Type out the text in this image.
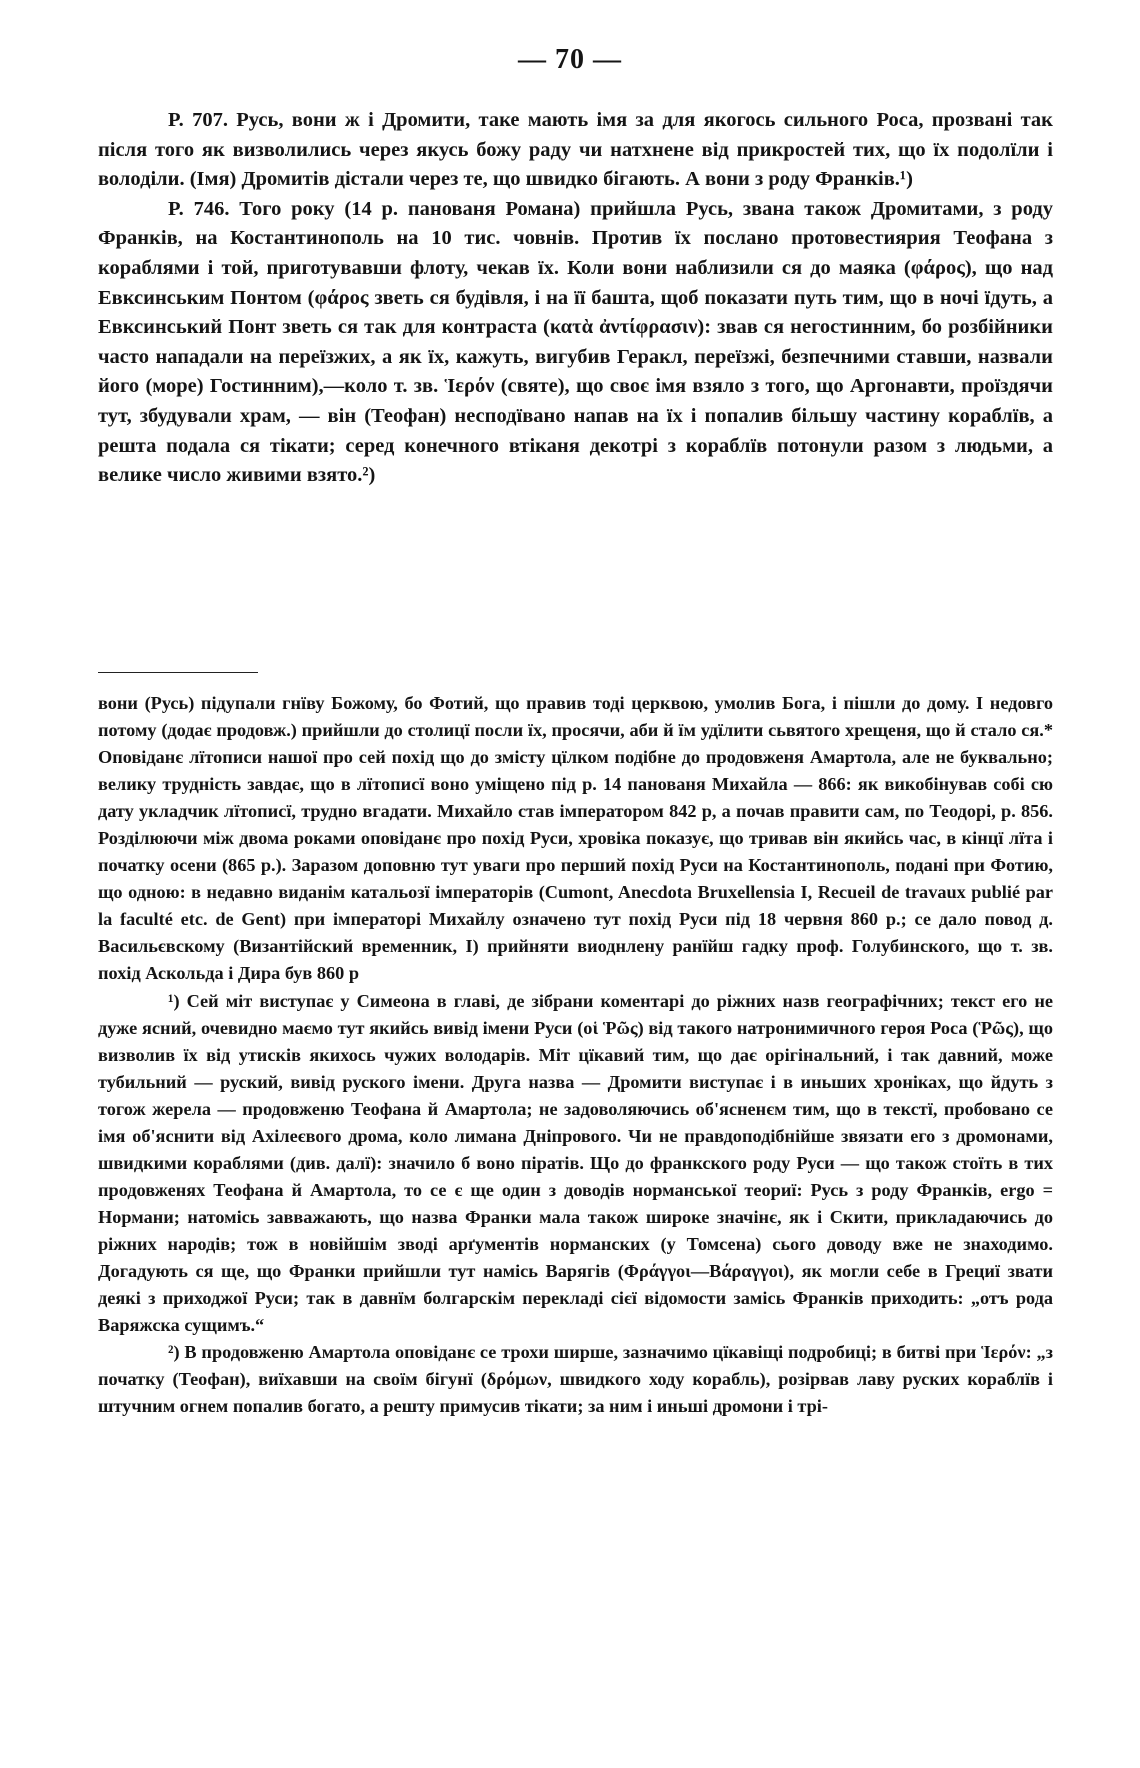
— 70 —

P. 707. Русь, вони ж і Дромити, таке мають імя за для якогось сильного Роса, прозвані так після того як визволились через якусь божу раду чи натхнене від прикростей тих, що їх подолїли і володіли. (Імя) Дромитів дістали через те, що швидко бігають. А вони з роду Франків.¹)

P. 746. Того року (14 р. панованя Романа) прийшла Русь, звана також Дромитами, з роду Франків, на Костантинополь на 10 тис. човнів. Против їх послано протовестиярия Теофана з кораблями і той, приготувавши флоту, чекав їх. Коли вони наблизили ся до маяка (φάρος), що над Евксинським Понтом (φάρος зветь ся будівля, і на її башта, щоб показати путь тим, що в ночі їдуть, а Евксинський Понт зветь ся так для контраста (κατὰ ἀντίφρασιν): звав ся негостинним, бо розбійники часто нападали на переїзжих, а як їх, кажуть, вигубив Геракл, переїзжі, безпечними ставши, назвали його (море) Гостинним),—коло т. зв. Ἱερόν (святе), що своє імя взяло з того, що Аргонавти, проїздячи тут, збудували храм, — він (Теофан) несподївано напав на їх і попалив більшу частину кораблїв, а решта подала ся тікати; серед конечного втіканя декотрі з кораблїв потонули разом з людьми, а велике число живими взято.²)

вони (Русь) підупали гнїву Божому, бо Фотий, що правив тоді церквою, умолив Бога, і пішли до дому. І недовго потому (додає продовж.) прийшли до столицї посли їх, просячи, аби й їм удїлити сьвятого хрещеня, що й стало ся.* Оповіданє лїтописи нашої про сей похід що до змісту цїлком подібне до продовженя Амартола, але не буквально; велику трудність завдає, що в лїтописї воно уміщено під р. 14 панованя Михайла — 866: як викобінував собі сю дату укладчик лїтописї, трудно вгадати. Михайло став імператором 842 р, а почав правити сам, по Теодорі, р. 856. Розділюючи між двома роками оповіданє про похід Руси, хровіка показує, що тривав він якийсь час, в кінцї лїта і початку осени (865 р.). Заразом доповню тут уваги про перший похід Руси на Костантинополь, подані при Фотию, що одною: в недавно виданім катальозї імператорів (Cumont, Anecdota Bruxellensia I, Recueil de travaux publié par la faculté etc. de Gent) при імператорі Михайлу означено тут похід Руси під 18 червня 860 р.; се дало повод д. Васильєвскому (Византійский временник, I) прийняти виоднлену ранїйш гадку проф. Голубинского, що т. зв. похід Аскольда і Дира був 860 р

¹) Сей міт виступає у Симеона в главі, де зібрани коментарі до ріжних назв географічних; текст его не дуже ясний, очевидно маємо тут якийсь вивід імени Руси (οἱ Ῥῶς) від такого натронимичного героя Роса (Ῥῶς), що визволив їх від утисків якихось чужих володарів. Міт цїкавий тим, що дає орігінальний, і так давний, може тубильний — руский, вивід руского імени. Друга назва — Дромити виступає і в иньших хроніках, що йдуть з тогож жерела — продовженю Теофана й Амартола; не задоволяючись об'ясненєм тим, що в текстї, пробовано се імя об'яснити від Ахілеєвого дрома, коло лимана Дніпрового. Чи не правдоподібнійше звязати его з дромонами, швидкими кораблями (див. далї): значило б воно піратів. Що до франкского роду Руси — що також стоїть в тих продовженях Теофана й Амартола, то се є ще один з доводів норманської теориї: Русь з роду Франків, ergo = Нормани; натомісь завважають, що назва Франки мала також широке значінє, як і Скити, прикладаючись до ріжних народів; тож в новійшім зводі арґументів норманских (у Томсена) сього доводу вже не знаходимо. Догадують ся ще, що Франки прийшли тут намісь Варягів (Φράγγοι—Βάραγγοι), як могли себе в Грециї звати деякі з приходжої Руси; так в давнїм болгарскім перекладі сієї відомости замісь Франків приходить: „отъ рода Варяжска сущимъ.“

²) В продовженю Амартола оповіданє се трохи ширше, зазначимо цїкавіщі подробиці; в битві при Ἱερόν: „з початку (Теофан), виїхавши на своїм бігунї (δρόμων, швидкого ходу корабль), розірвав лаву руских кораблїв і штучним огнем попалив богато, а решту примусив тікати; за ним і иньші дромони і трі-
